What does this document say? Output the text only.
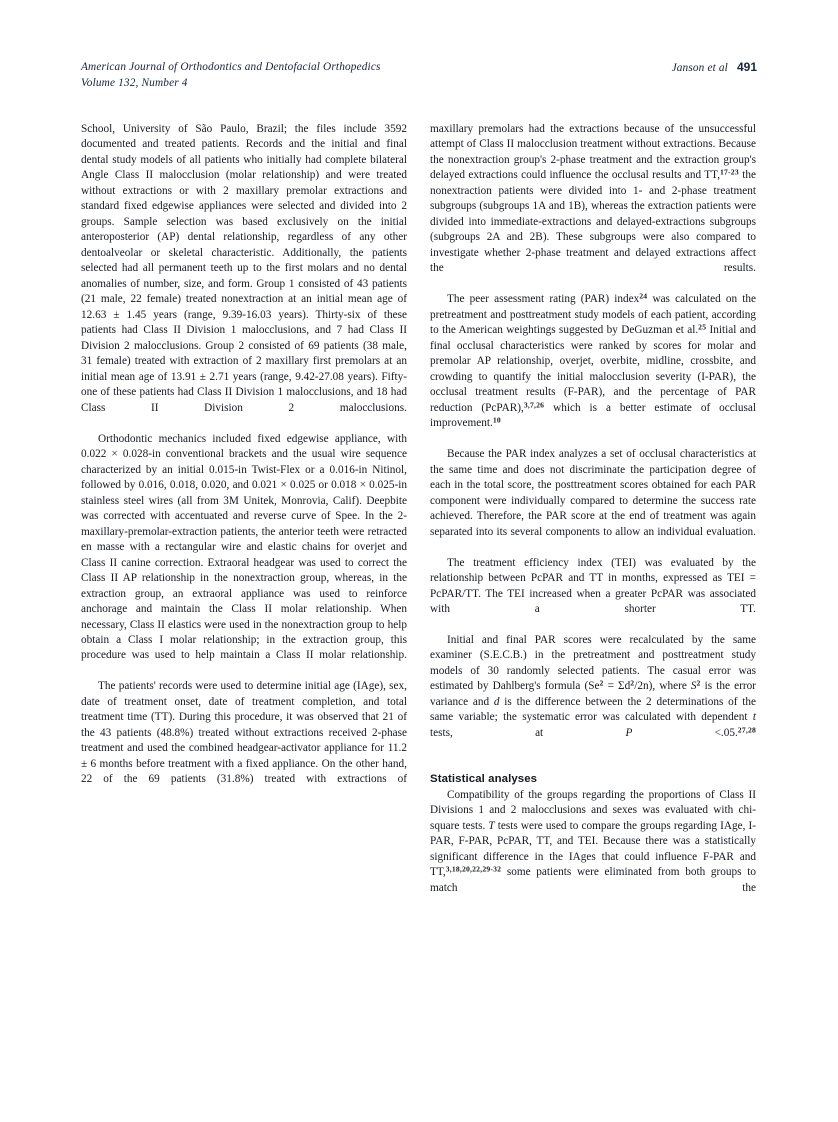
American Journal of Orthodontics and Dentofacial Orthopedics
Volume 132, Number 4
Janson et al 491

School, University of São Paulo, Brazil; the files include 3592 documented and treated patients. Records and the initial and final dental study models of all patients who initially had complete bilateral Angle Class II malocclusion (molar relationship) and were treated without extractions or with 2 maxillary premolar extractions and standard fixed edgewise appliances were selected and divided into 2 groups. Sample selection was based exclusively on the initial anteroposterior (AP) dental relationship, regardless of any other dentoalveolar or skeletal characteristic. Additionally, the patients selected had all permanent teeth up to the first molars and no dental anomalies of number, size, and form. Group 1 consisted of 43 patients (21 male, 22 female) treated nonextraction at an initial mean age of 12.63 ± 1.45 years (range, 9.39-16.03 years). Thirty-six of these patients had Class II Division 1 malocclusions, and 7 had Class II Division 2 malocclusions. Group 2 consisted of 69 patients (38 male, 31 female) treated with extraction of 2 maxillary first premolars at an initial mean age of 13.91 ± 2.71 years (range, 9.42-27.08 years). Fifty-one of these patients had Class II Division 1 malocclusions, and 18 had Class II Division 2 malocclusions.

Orthodontic mechanics included fixed edgewise appliance, with 0.022 × 0.028-in conventional brackets and the usual wire sequence characterized by an initial 0.015-in Twist-Flex or a 0.016-in Nitinol, followed by 0.016, 0.018, 0.020, and 0.021 × 0.025 or 0.018 × 0.025-in stainless steel wires (all from 3M Unitek, Monrovia, Calif). Deepbite was corrected with accentuated and reverse curve of Spee. In the 2-maxillary-premolar-extraction patients, the anterior teeth were retracted en masse with a rectangular wire and elastic chains for overjet and Class II canine correction. Extraoral headgear was used to correct the Class II AP relationship in the nonextraction group, whereas, in the extraction group, an extraoral appliance was used to reinforce anchorage and maintain the Class II molar relationship. When necessary, Class II elastics were used in the nonextraction group to help obtain a Class I molar relationship; in the extraction group, this procedure was used to help maintain a Class II molar relationship.

The patients' records were used to determine initial age (IAge), sex, date of treatment onset, date of treatment completion, and total treatment time (TT). During this procedure, it was observed that 21 of the 43 patients (48.8%) treated without extractions received 2-phase treatment and used the combined headgear-activator appliance for 11.2 ± 6 months before treatment with a fixed appliance. On the other hand, 22 of the 69 patients (31.8%) treated with extractions of

maxillary premolars had the extractions because of the unsuccessful attempt of Class II malocclusion treatment without extractions. Because the nonextraction group's 2-phase treatment and the extraction group's delayed extractions could influence the occlusal results and TT,$^{17-23}$ the nonextraction patients were divided into 1- and 2-phase treatment subgroups (subgroups 1A and 1B), whereas the extraction patients were divided into immediate-extractions and delayed-extractions subgroups (subgroups 2A and 2B). These subgroups were also compared to investigate whether 2-phase treatment and delayed extractions affect the results.

The peer assessment rating (PAR) index$^{24}$ was calculated on the pretreatment and posttreatment study models of each patient, according to the American weightings suggested by DeGuzman et al.$^{25}$ Initial and final occlusal characteristics were ranked by scores for molar and premolar AP relationship, overjet, overbite, midline, crossbite, and crowding to quantify the initial malocclusion severity (I-PAR), the occlusal treatment results (F-PAR), and the percentage of PAR reduction (PcPAR),$^{3,7,26}$ which is a better estimate of occlusal improvement.$^{10}$

Because the PAR index analyzes a set of occlusal characteristics at the same time and does not discriminate the participation degree of each in the total score, the posttreatment scores obtained for each PAR component were individually compared to determine the success rate achieved. Therefore, the PAR score at the end of treatment was again separated into its several components to allow an individual evaluation.

The treatment efficiency index (TEI) was evaluated by the relationship between PcPAR and TT in months, expressed as TEI = PcPAR/TT. The TEI increased when a greater PcPAR was associated with a shorter TT.

Initial and final PAR scores were recalculated by the same examiner (S.E.C.B.) in the pretreatment and posttreatment study models of 30 randomly selected patients. The casual error was estimated by Dahlberg's formula $(Se^2 = \Sigma d^2/2n)$, where $S^2$ is the error variance and d is the difference between the 2 determinations of the same variable; the systematic error was calculated with dependent t tests, at P <.05.$^{27,28}$

Statistical analyses

Compatibility of the groups regarding the proportions of Class II Divisions 1 and 2 malocclusions and sexes was evaluated with chi-square tests. T tests were used to compare the groups regarding IAge, I-PAR, F-PAR, PcPAR, TT, and TEI. Because there was a statistically significant difference in the IAges that could influence F-PAR and TT,$^{3,18,20,22,29-32}$ some patients were eliminated from both groups to match the
